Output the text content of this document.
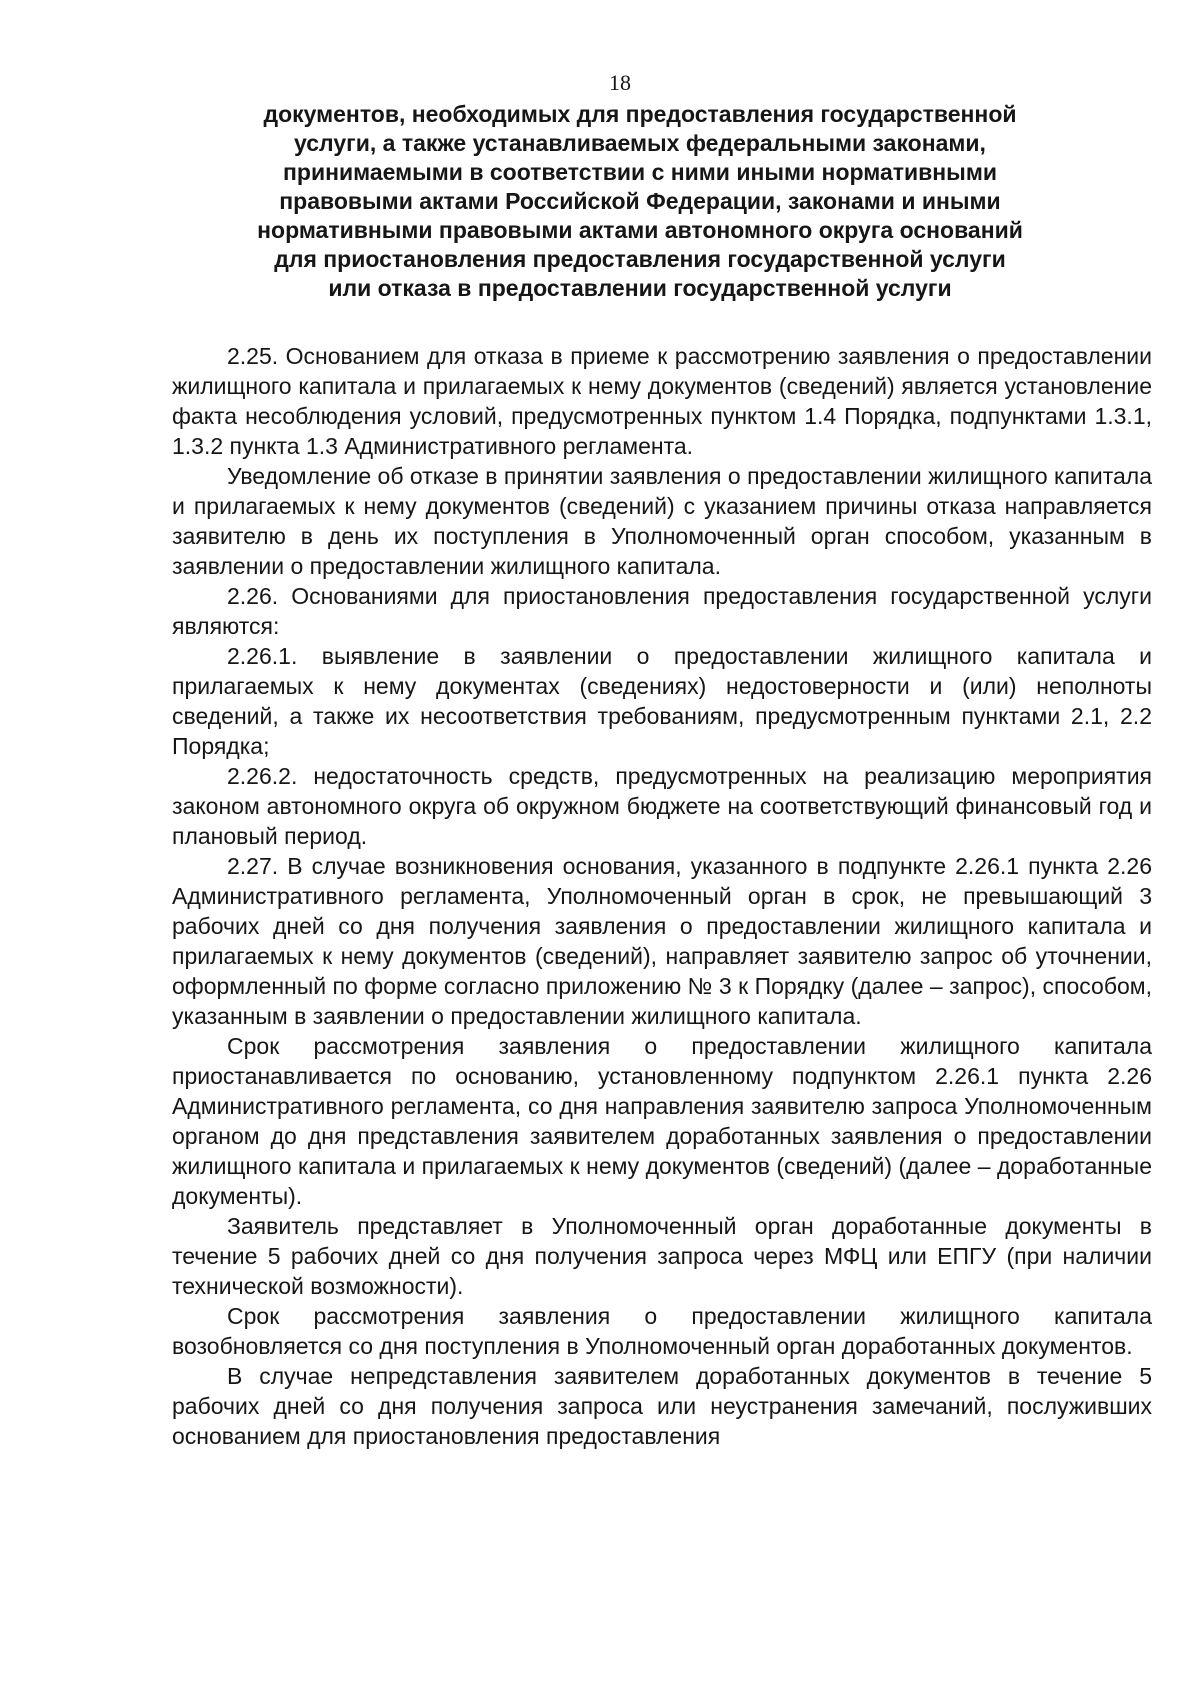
18
документов, необходимых для предоставления государственной
услуги, а также устанавливаемых федеральными законами,
принимаемыми в соответствии с ними иными нормативными
правовыми актами Российской Федерации, законами и иными
нормативными правовыми актами автономного округа оснований
для приостановления предоставления государственной услуги
или отказа в предоставлении государственной услуги

2.25. Основанием для отказа в приеме к рассмотрению заявления о предоставлении жилищного капитала и прилагаемых к нему документов (сведений) является установление факта несоблюдения условий, предусмотренных пунктом 1.4 Порядка, подпунктами 1.3.1, 1.3.2 пункта 1.3 Административного регламента.

Уведомление об отказе в принятии заявления о предоставлении жилищного капитала и прилагаемых к нему документов (сведений) с указанием причины отказа направляется заявителю в день их поступления в Уполномоченный орган способом, указанным в заявлении о предоставлении жилищного капитала.

2.26. Основаниями для приостановления предоставления государственной услуги являются:

2.26.1. выявление в заявлении о предоставлении жилищного капитала и прилагаемых к нему документах (сведениях) недостоверности и (или) неполноты сведений, а также их несоответствия требованиям, предусмотренным пунктами 2.1, 2.2 Порядка;

2.26.2. недостаточность средств, предусмотренных на реализацию мероприятия законом автономного округа об окружном бюджете на соответствующий финансовый год и плановый период.

2.27. В случае возникновения основания, указанного в подпункте 2.26.1 пункта 2.26 Административного регламента, Уполномоченный орган в срок, не превышающий 3 рабочих дней со дня получения заявления о предоставлении жилищного капитала и прилагаемых к нему документов (сведений), направляет заявителю запрос об уточнении, оформленный по форме согласно приложению № 3 к Порядку (далее – запрос), способом, указанным в заявлении о предоставлении жилищного капитала.

Срок рассмотрения заявления о предоставлении жилищного капитала приостанавливается по основанию, установленному подпунктом 2.26.1 пункта 2.26 Административного регламента, со дня направления заявителю запроса Уполномоченным органом до дня представления заявителем доработанных заявления о предоставлении жилищного капитала и прилагаемых к нему документов (сведений) (далее – доработанные документы).

Заявитель представляет в Уполномоченный орган доработанные документы в течение 5 рабочих дней со дня получения запроса через МФЦ или ЕПГУ (при наличии технической возможности).

Срок рассмотрения заявления о предоставлении жилищного капитала возобновляется со дня поступления в Уполномоченный орган доработанных документов.

В случае непредставления заявителем доработанных документов в течение 5 рабочих дней со дня получения запроса или неустранения замечаний, послуживших основанием для приостановления предоставления
